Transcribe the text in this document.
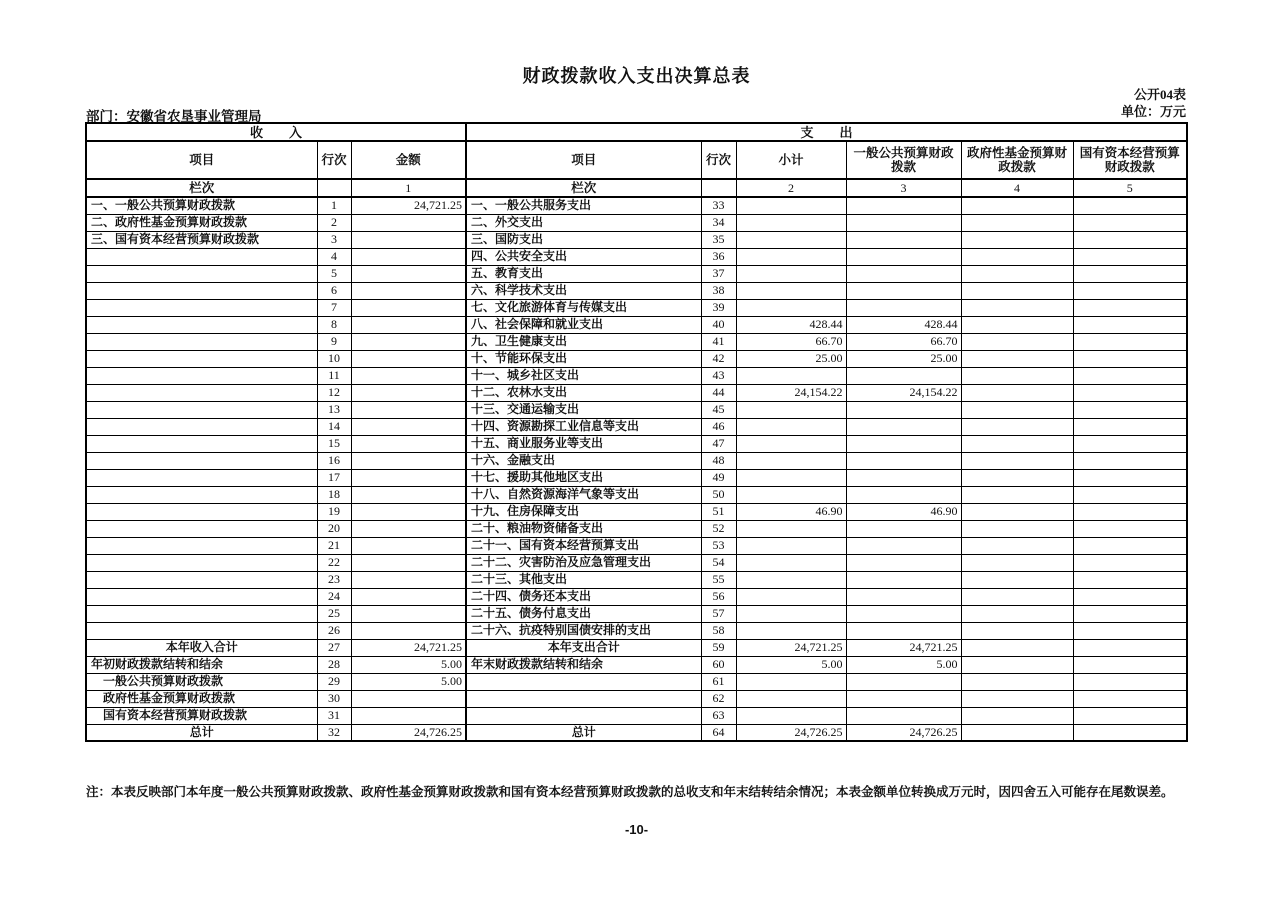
财政拨款收入支出决算总表
公开04表
单位：万元
部门：安徽省农垦事业管理局
收　　入			支　　出					
项目	行次	金额	项目	行次	小计	一般公共预算财政拨款	政府性基金预算财政拨款	国有资本经营预算财政拨款
栏次		1	栏次		2	3	4	5
一、一般公共预算财政拨款	1	24,721.25	一、一般公共服务支出	33				
二、政府性基金预算财政拨款	2		二、外交支出	34				
三、国有资本经营预算财政拨款	3		三、国防支出	35				
	4		四、公共安全支出	36				
	5		五、教育支出	37				
	6		六、科学技术支出	38				
	7		七、文化旅游体育与传媒支出	39				
	8		八、社会保障和就业支出	40	428.44	428.44		
	9		九、卫生健康支出	41	66.70	66.70		
	10		十、节能环保支出	42	25.00	25.00		
	11		十一、城乡社区支出	43				
	12		十二、农林水支出	44	24,154.22	24,154.22		
	13		十三、交通运输支出	45				
	14		十四、资源勘探工业信息等支出	46				
	15		十五、商业服务业等支出	47				
	16		十六、金融支出	48				
	17		十七、援助其他地区支出	49				
	18		十八、自然资源海洋气象等支出	50				
	19		十九、住房保障支出	51	46.90	46.90		
	20		二十、粮油物资储备支出	52				
	21		二十一、国有资本经营预算支出	53				
	22		二十二、灾害防治及应急管理支出	54				
	23		二十三、其他支出	55				
	24		二十四、债务还本支出	56				
	25		二十五、债务付息支出	57				
	26		二十六、抗疫特别国债安排的支出	58				
本年收入合计	27	24,721.25	本年支出合计	59	24,721.25	24,721.25		
年初财政拨款结转和结余	28	5.00	年末财政拨款结转和结余	60	5.00	5.00		
一般公共预算财政拨款	29	5.00		61				
政府性基金预算财政拨款	30			62				
国有资本经营预算财政拨款	31			63				
总计	32	24,726.25	总计	64	24,726.25	24,726.25		
注：本表反映部门本年度一般公共预算财政拨款、政府性基金预算财政拨款和国有资本经营预算财政拨款的总收支和年末结转结余情况；本表金额单位转换成万元时，因四舍五入可能存在尾数误差。
-10-
